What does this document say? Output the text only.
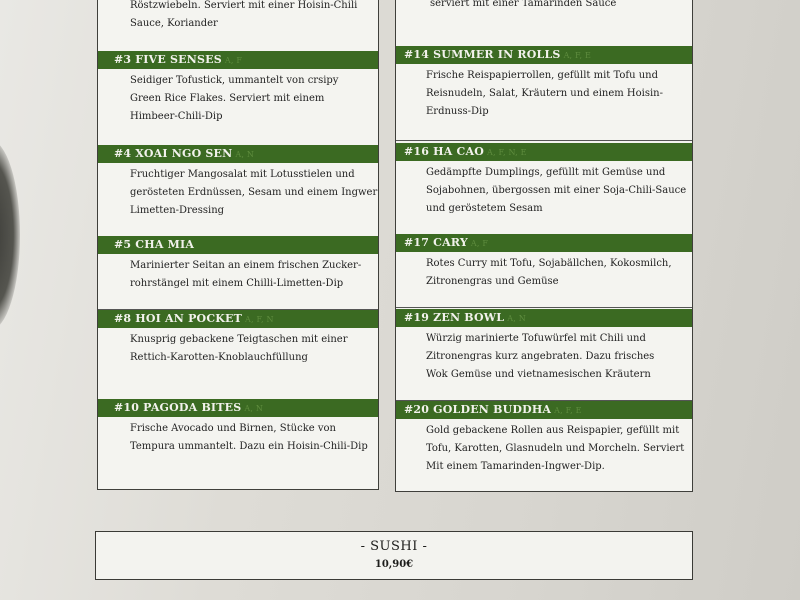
Röstzwiebeln. Serviert mit einer Hoisin-Chili
Sauce, Koriander
#3 FIVE SENSES A, F
Seidiger Tofustick, ummantelt von crsipy
Green Rice Flakes. Serviert mit einem
Himbeer-Chili-Dip
#4 XOAI NGO SEN A, N
Fruchtiger Mangosalat mit Lotusstielen und
gerösteten Erdnüssen, Sesam und einem Ingwer
Limetten-Dressing
#5 CHA MIA
Marinierter Seitan an einem frischen Zucker-
rohrstängel mit einem Chilli-Limetten-Dip
#8 HOI AN POCKET A, F, N
Knusprig gebackene Teigtaschen mit einer
Rettich-Karotten-Knoblauchfüllung
#10 PAGODA BITES A, N
Frische Avocado und Birnen, Stücke von
Tempura ummantelt. Dazu ein Hoisin-Chili-Dip
serviert mit einer Tamarinden Sauce
#14 SUMMER IN ROLLS A, F, E
Frische Reispapierrollen, gefüllt mit Tofu und
Reisnudeln, Salat, Kräutern und einem Hoisin-
Erdnuss-Dip
#16 HA CAO A, F, N, E
Gedämpfte Dumplings, gefüllt mit Gemüse und
Sojabohnen, übergossen mit einer Soja-Chili-Sauce
und geröstetem Sesam
#17 CARY A, F
Rotes Curry mit Tofu, Sojabällchen, Kokosmilch,
Zitronengras und Gemüse
#19 ZEN BOWL A, N
Würzig marinierte Tofuwürfel mit Chili und
Zitronengras kurz angebraten. Dazu frisches
Wok Gemüse und vietnamesischen Kräutern
#20 GOLDEN BUDDHA A, F, E
Gold gebackene Rollen aus Reispapier, gefüllt mit
Tofu, Karotten, Glasnudeln und Morcheln. Serviert
Mit einem Tamarinden-Ingwer-Dip.
- SUSHI -
10,90€
